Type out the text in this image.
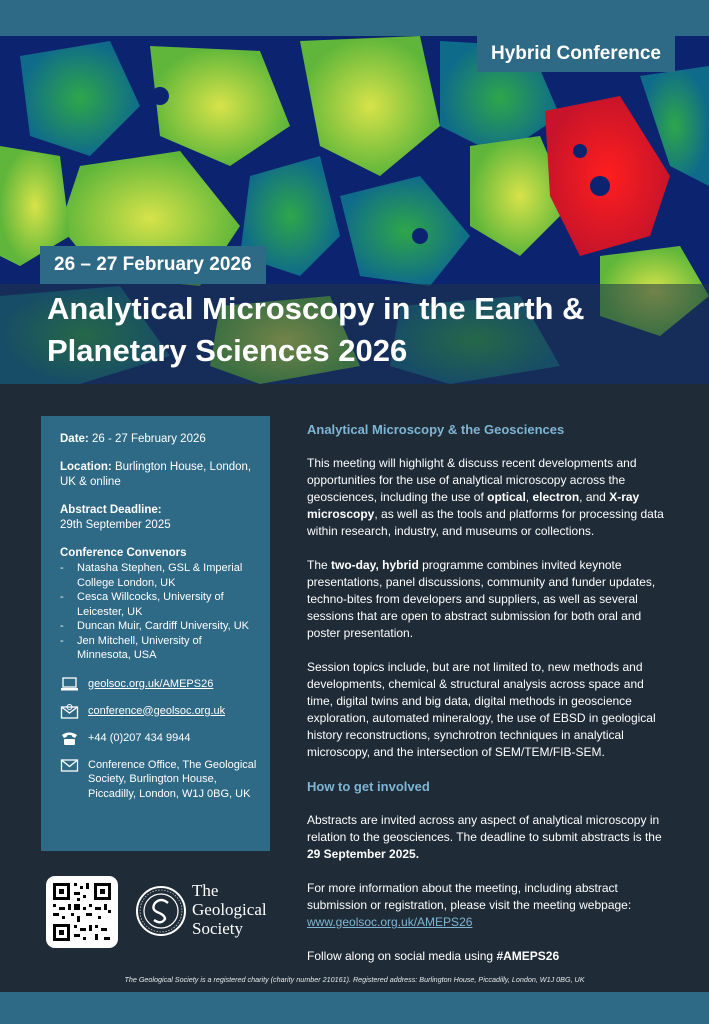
Hybrid Conference
26 – 27 February 2026
Analytical Microscopy in the Earth & Planetary Sciences 2026

Date: 26 - 27 February 2026

Location: Burlington House, London, UK & online

Abstract Deadline:
29th September 2025

Conference Convenors

- Natasha Stephen, GSL & Imperial College London, UK
- Cesca Willcocks, University of Leicester, UK
- Duncan Muir, Cardiff University, UK
- Jen Mitchell, University of Minnesota, USA
geolsoc.org.uk/AMEPS26
conference@geolsoc.org.uk
+44 (0)207 434 9944
Conference Office, The Geological Society, Burlington House, Piccadilly, London, W1J 0BG, UK
The
Geological
Society
Analytical Microscopy & the Geosciences

This meeting will highlight & discuss recent developments and opportunities for the use of analytical microscopy across the geosciences, including the use of optical, electron, and X-ray microscopy, as well as the tools and platforms for processing data within research, industry, and museums or collections.

The two-day, hybrid programme combines invited keynote presentations, panel discussions, community and funder updates, techno-bites from developers and suppliers, as well as several sessions that are open to abstract submission for both oral and poster presentation.

Session topics include, but are not limited to, new methods and developments, chemical & structural analysis across space and time, digital twins and big data, digital methods in geoscience exploration, automated mineralogy, the use of EBSD in geological history reconstructions, synchrotron techniques in analytical microscopy, and the intersection of SEM/TEM/FIB-SEM.

How to get involved

Abstracts are invited across any aspect of analytical microscopy in relation to the geosciences. The deadline to submit abstracts is the 29 September 2025.

For more information about the meeting, including abstract submission or registration, please visit the meeting webpage: www.geolsoc.org.uk/AMEPS26

Follow along on social media using #AMEPS26

The Geological Society is a registered charity (charity number 210161). Registered address: Burlington House, Piccadilly, London, W1J 0BG, UK
